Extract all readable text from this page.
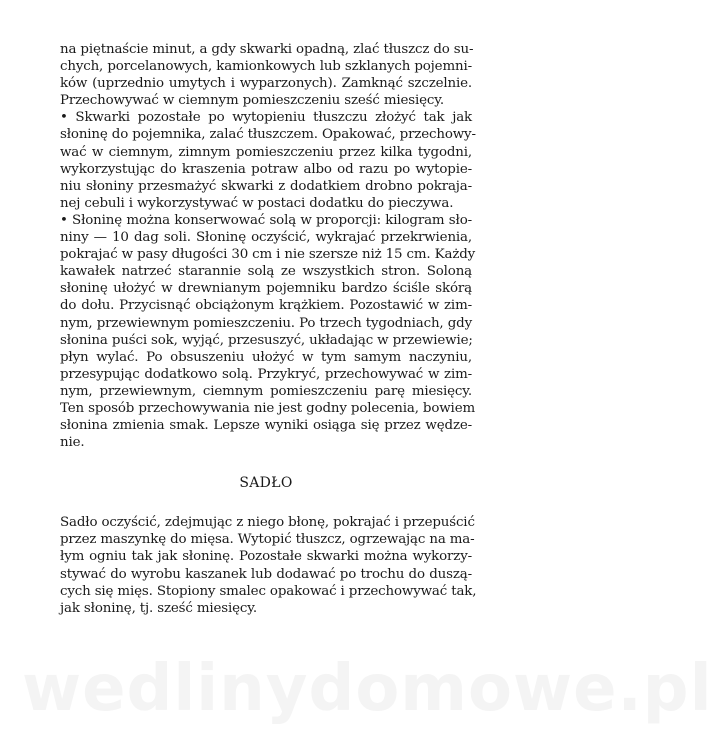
na piętnaście minut, a gdy skwarki opadną, zlać tłuszcz do su-
chych, porcelanowych, kamionkowych lub szklanych pojemni-
ków (uprzednio umytych i wyparzonych). Zamknąć szczelnie.
Przechowywać w ciemnym pomieszczeniu sześć miesięcy.
• Skwarki pozostałe po wytopieniu tłuszczu złożyć tak jak
słoninę do pojemnika, zalać tłuszczem. Opakować, przechowy-
wać w ciemnym, zimnym pomieszczeniu przez kilka tygodni,
wykorzystując do kraszenia potraw albo od razu po wytopie-
niu słoniny przesmażyć skwarki z dodatkiem drobno pokraja-
nej cebuli i wykorzystywać w postaci dodatku do pieczywa.
• Słoninę można konserwować solą w proporcji: kilogram sło-
niny — 10 dag soli. Słoninę oczyścić, wykrajać przekrwienia,
pokrajać w pasy długości 30 cm i nie szersze niż 15 cm. Każdy
kawałek natrzeć starannie solą ze wszystkich stron. Soloną
słoninę ułożyć w drewnianym pojemniku bardzo ściśle skórą
do dołu. Przycisnąć obciążonym krążkiem. Pozostawić w zim-
nym, przewiewnym pomieszczeniu. Po trzech tygodniach, gdy
słonina puści sok, wyjąć, przesuszyć, układając w przewiewie;
płyn wylać. Po obsuszeniu ułożyć w tym samym naczyniu,
przesypując dodatkowo solą. Przykryć, przechowywać w zim-
nym, przewiewnym, ciemnym pomieszczeniu parę miesięcy.
Ten sposób przechowywania nie jest godny polecenia, bowiem
słonina zmienia smak. Lepsze wyniki osiąga się przez wędze-
nie.
SADŁO
Sadło oczyścić, zdejmując z niego błonę, pokrajać i przepuścić
przez maszynkę do mięsa. Wytopić tłuszcz, ogrzewając na ma-
łym ogniu tak jak słoninę. Pozostałe skwarki można wykorzy-
stywać do wyrobu kaszanek lub dodawać po trochu do duszą-
cych się mięs. Stopiony smalec opakować i przechowywać tak,
jak słoninę, tj. sześć miesięcy.
wedlinydomowe.pl
